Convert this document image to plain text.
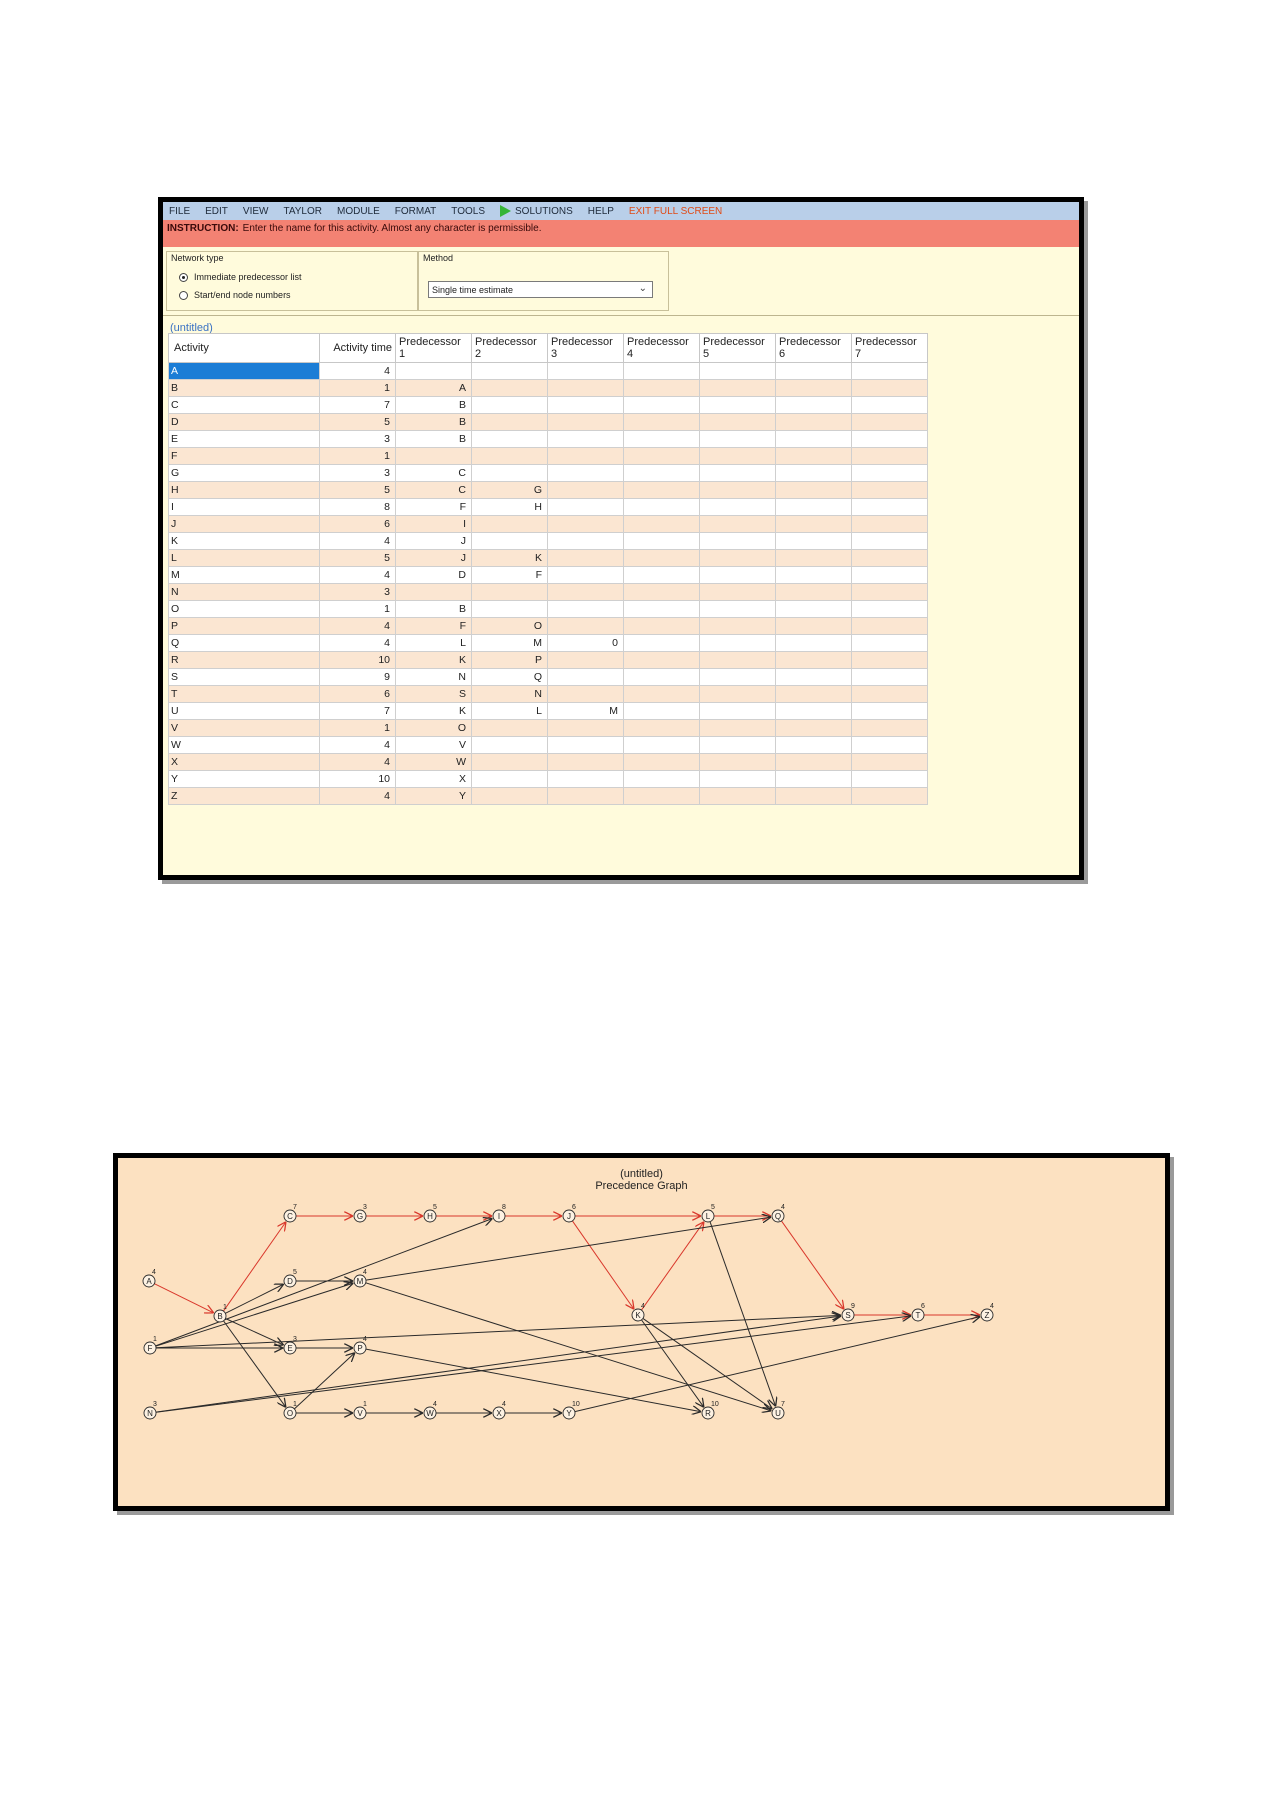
FILE EDIT VIEW TAYLOR MODULE FORMAT TOOLS	SOLUTIONS HELP EXIT FULL SCREEN
INSTRUCTION: Enter the name for this activity. Almost any character is permissible.
Network type
Immediate predecessor list
Start/end node numbers
Method
Single time estimate	⌄
(untitled)
Activity	Activity time	Predecessor 1	Predecessor 2	Predecessor 3	Predecessor 4	Predecessor 5	Predecessor 6	Predecessor 7
A	4							
B	1	A						
C	7	B						
D	5	B						
E	3	B						
F	1							
G	3	C						
H	5	C	G					
I	8	F	H					
J	6	I						
K	4	J						
L	5	J	K					
M	4	D	F					
N	3							
O	1	B						
P	4	F	O					
Q	4	L	M	0				
R	10	K	P					
S	9	N	Q					
T	6	S	N					
U	7	K	L	M				
V	1	O						
W	4	V						
X	4	W						
Y	10	X						
Z	4	Y						
A
4
B
1
C
7
D
5
E
3
F
1
G
3
H
5
I
8
J
6
K
4
L
5
M
4
N
3
O
1
P
4
Q
4
R
10
S
9
T
6
U
7
V
1
W
4
X
4
Y
10
Z
4
(untitled)
Precedence Graph
